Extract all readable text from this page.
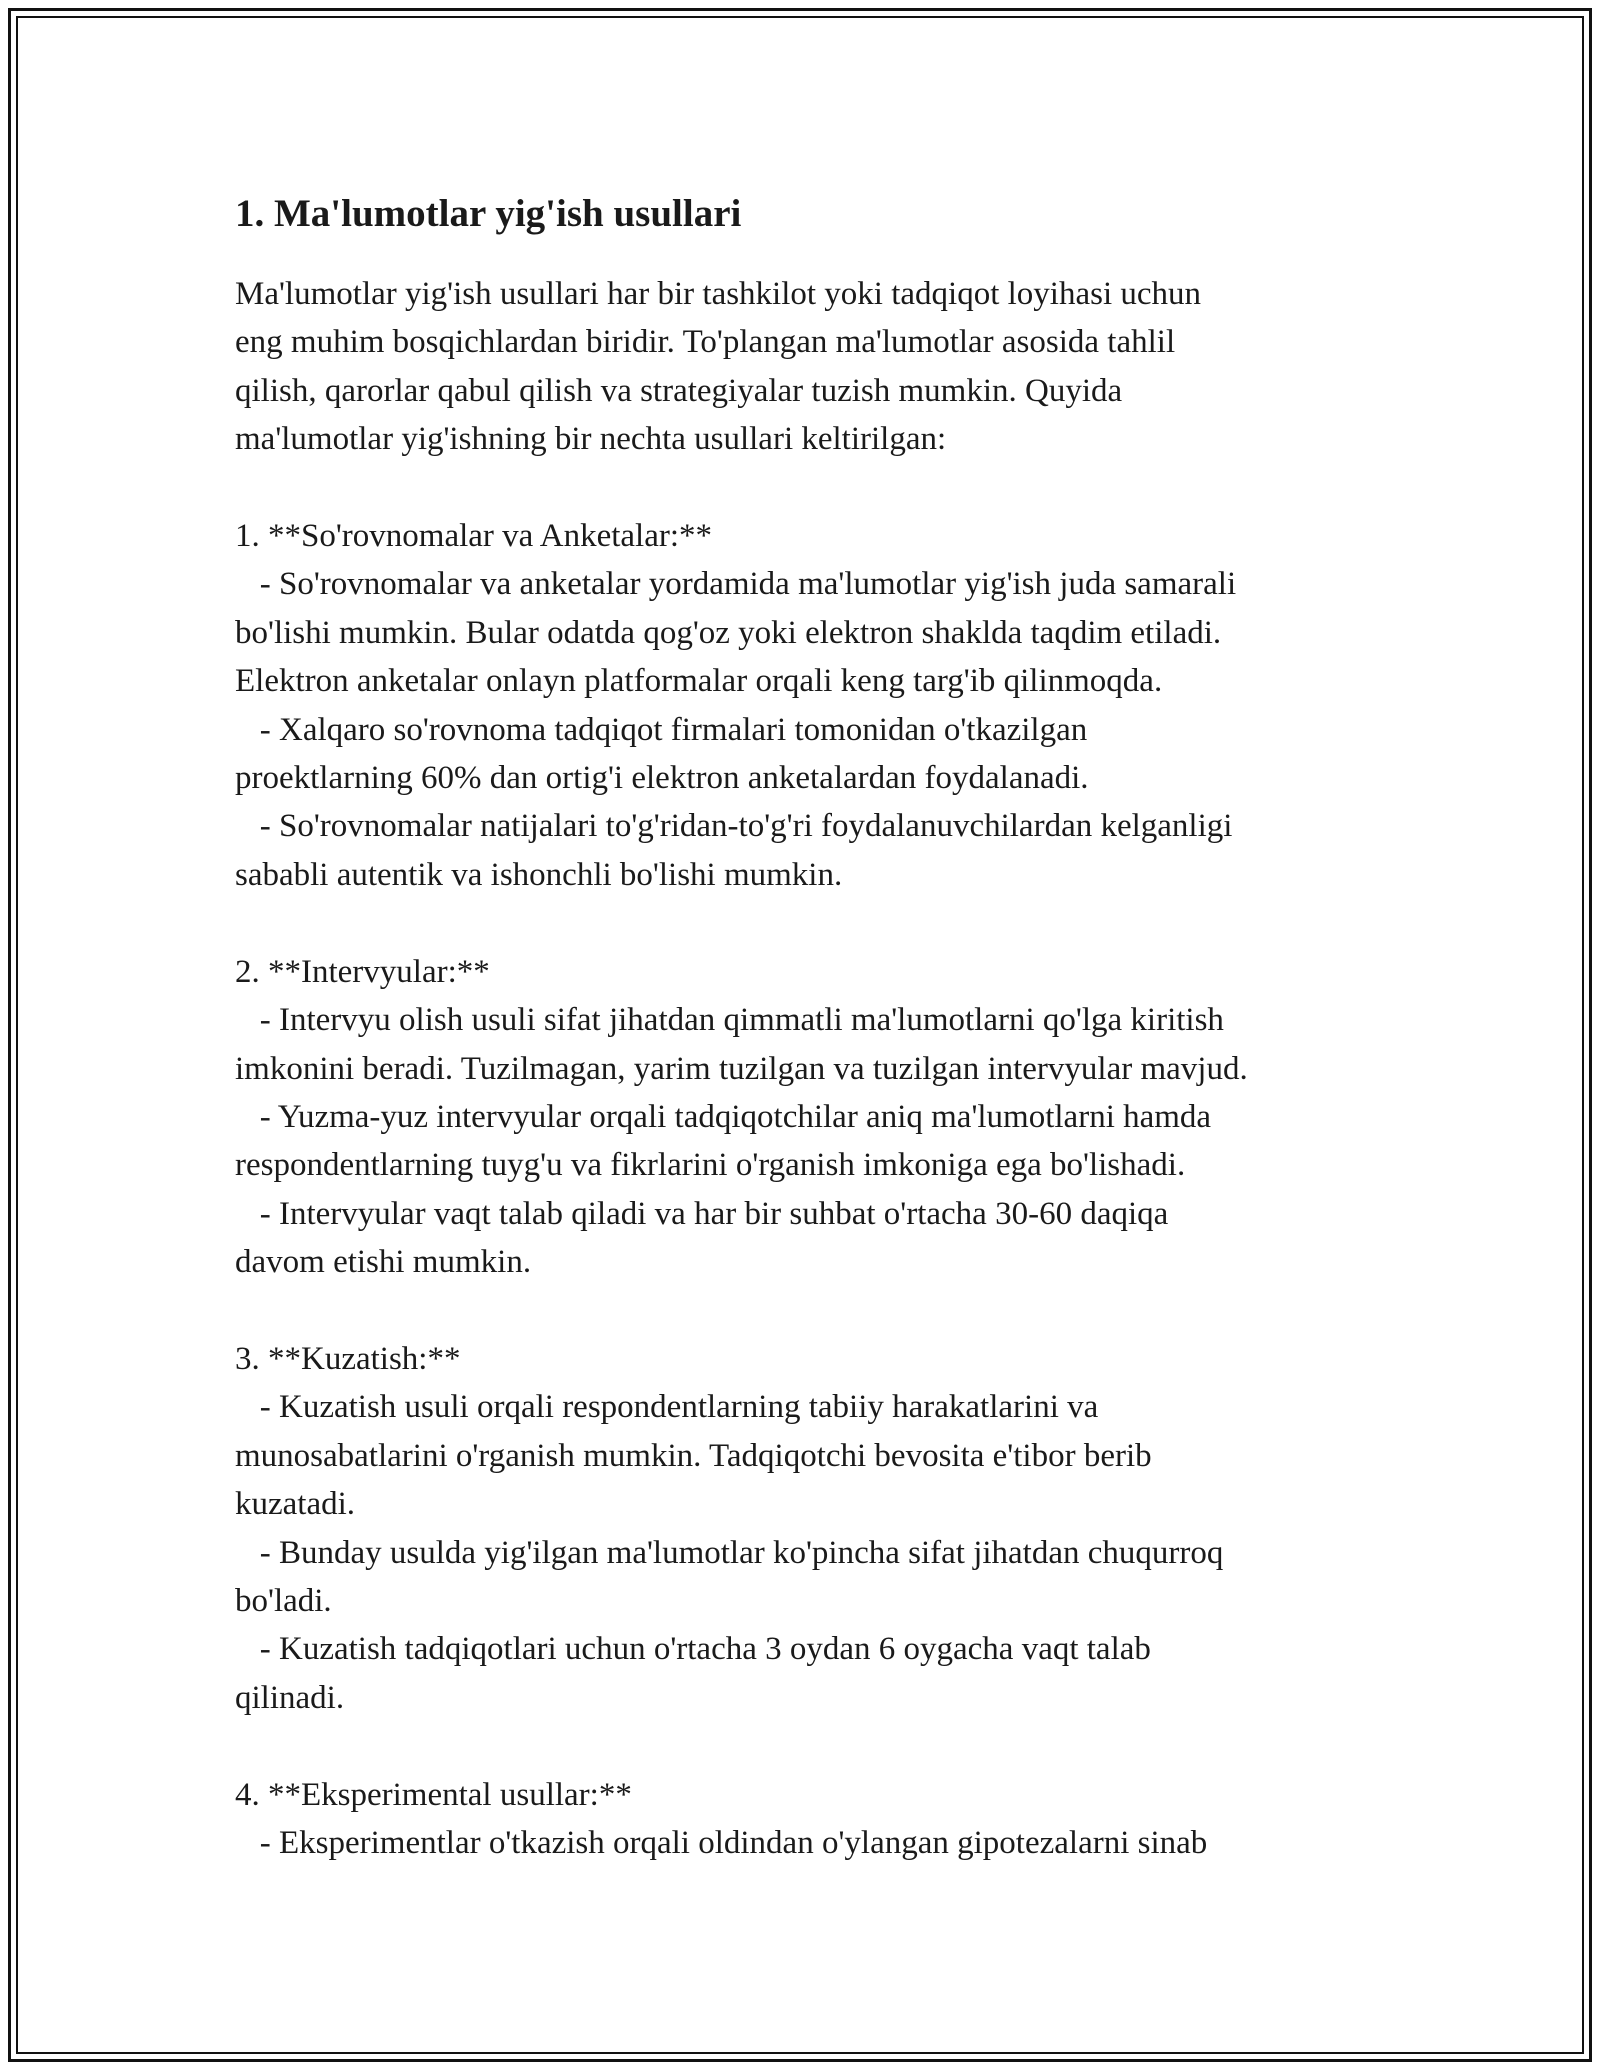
1. Ma'lumotlar yig'ish usullari

Ma'lumotlar yig'ish usullari har bir tashkilot yoki tadqiqot loyihasi uchun
eng muhim bosqichlardan biridir. To'plangan ma'lumotlar asosida tahlil
qilish, qarorlar qabul qilish va strategiyalar tuzish mumkin. Quyida
ma'lumotlar yig'ishning bir nechta usullari keltirilgan:

1. **So'rovnomalar va Anketalar:**
- So'rovnomalar va anketalar yordamida ma'lumotlar yig'ish juda samarali
bo'lishi mumkin. Bular odatda qog'oz yoki elektron shaklda taqdim etiladi.
Elektron anketalar onlayn platformalar orqali keng targ'ib qilinmoqda.
- Xalqaro so'rovnoma tadqiqot firmalari tomonidan o'tkazilgan
proektlarning 60% dan ortig'i elektron anketalardan foydalanadi.
- So'rovnomalar natijalari to'g'ridan-to'g'ri foydalanuvchilardan kelganligi
sababli autentik va ishonchli bo'lishi mumkin.

2. **Intervyular:**
- Intervyu olish usuli sifat jihatdan qimmatli ma'lumotlarni qo'lga kiritish
imkonini beradi. Tuzilmagan, yarim tuzilgan va tuzilgan intervyular mavjud.
- Yuzma-yuz intervyular orqali tadqiqotchilar aniq ma'lumotlarni hamda
respondentlarning tuyg'u va fikrlarini o'rganish imkoniga ega bo'lishadi.
- Intervyular vaqt talab qiladi va har bir suhbat o'rtacha 30-60 daqiqa
davom etishi mumkin.

3. **Kuzatish:**
- Kuzatish usuli orqali respondentlarning tabiiy harakatlarini va
munosabatlarini o'rganish mumkin. Tadqiqotchi bevosita e'tibor berib
kuzatadi.
- Bunday usulda yig'ilgan ma'lumotlar ko'pincha sifat jihatdan chuqurroq
bo'ladi.
- Kuzatish tadqiqotlari uchun o'rtacha 3 oydan 6 oygacha vaqt talab
qilinadi.

4. **Eksperimental usullar:**
- Eksperimentlar o'tkazish orqali oldindan o'ylangan gipotezalarni sinab
